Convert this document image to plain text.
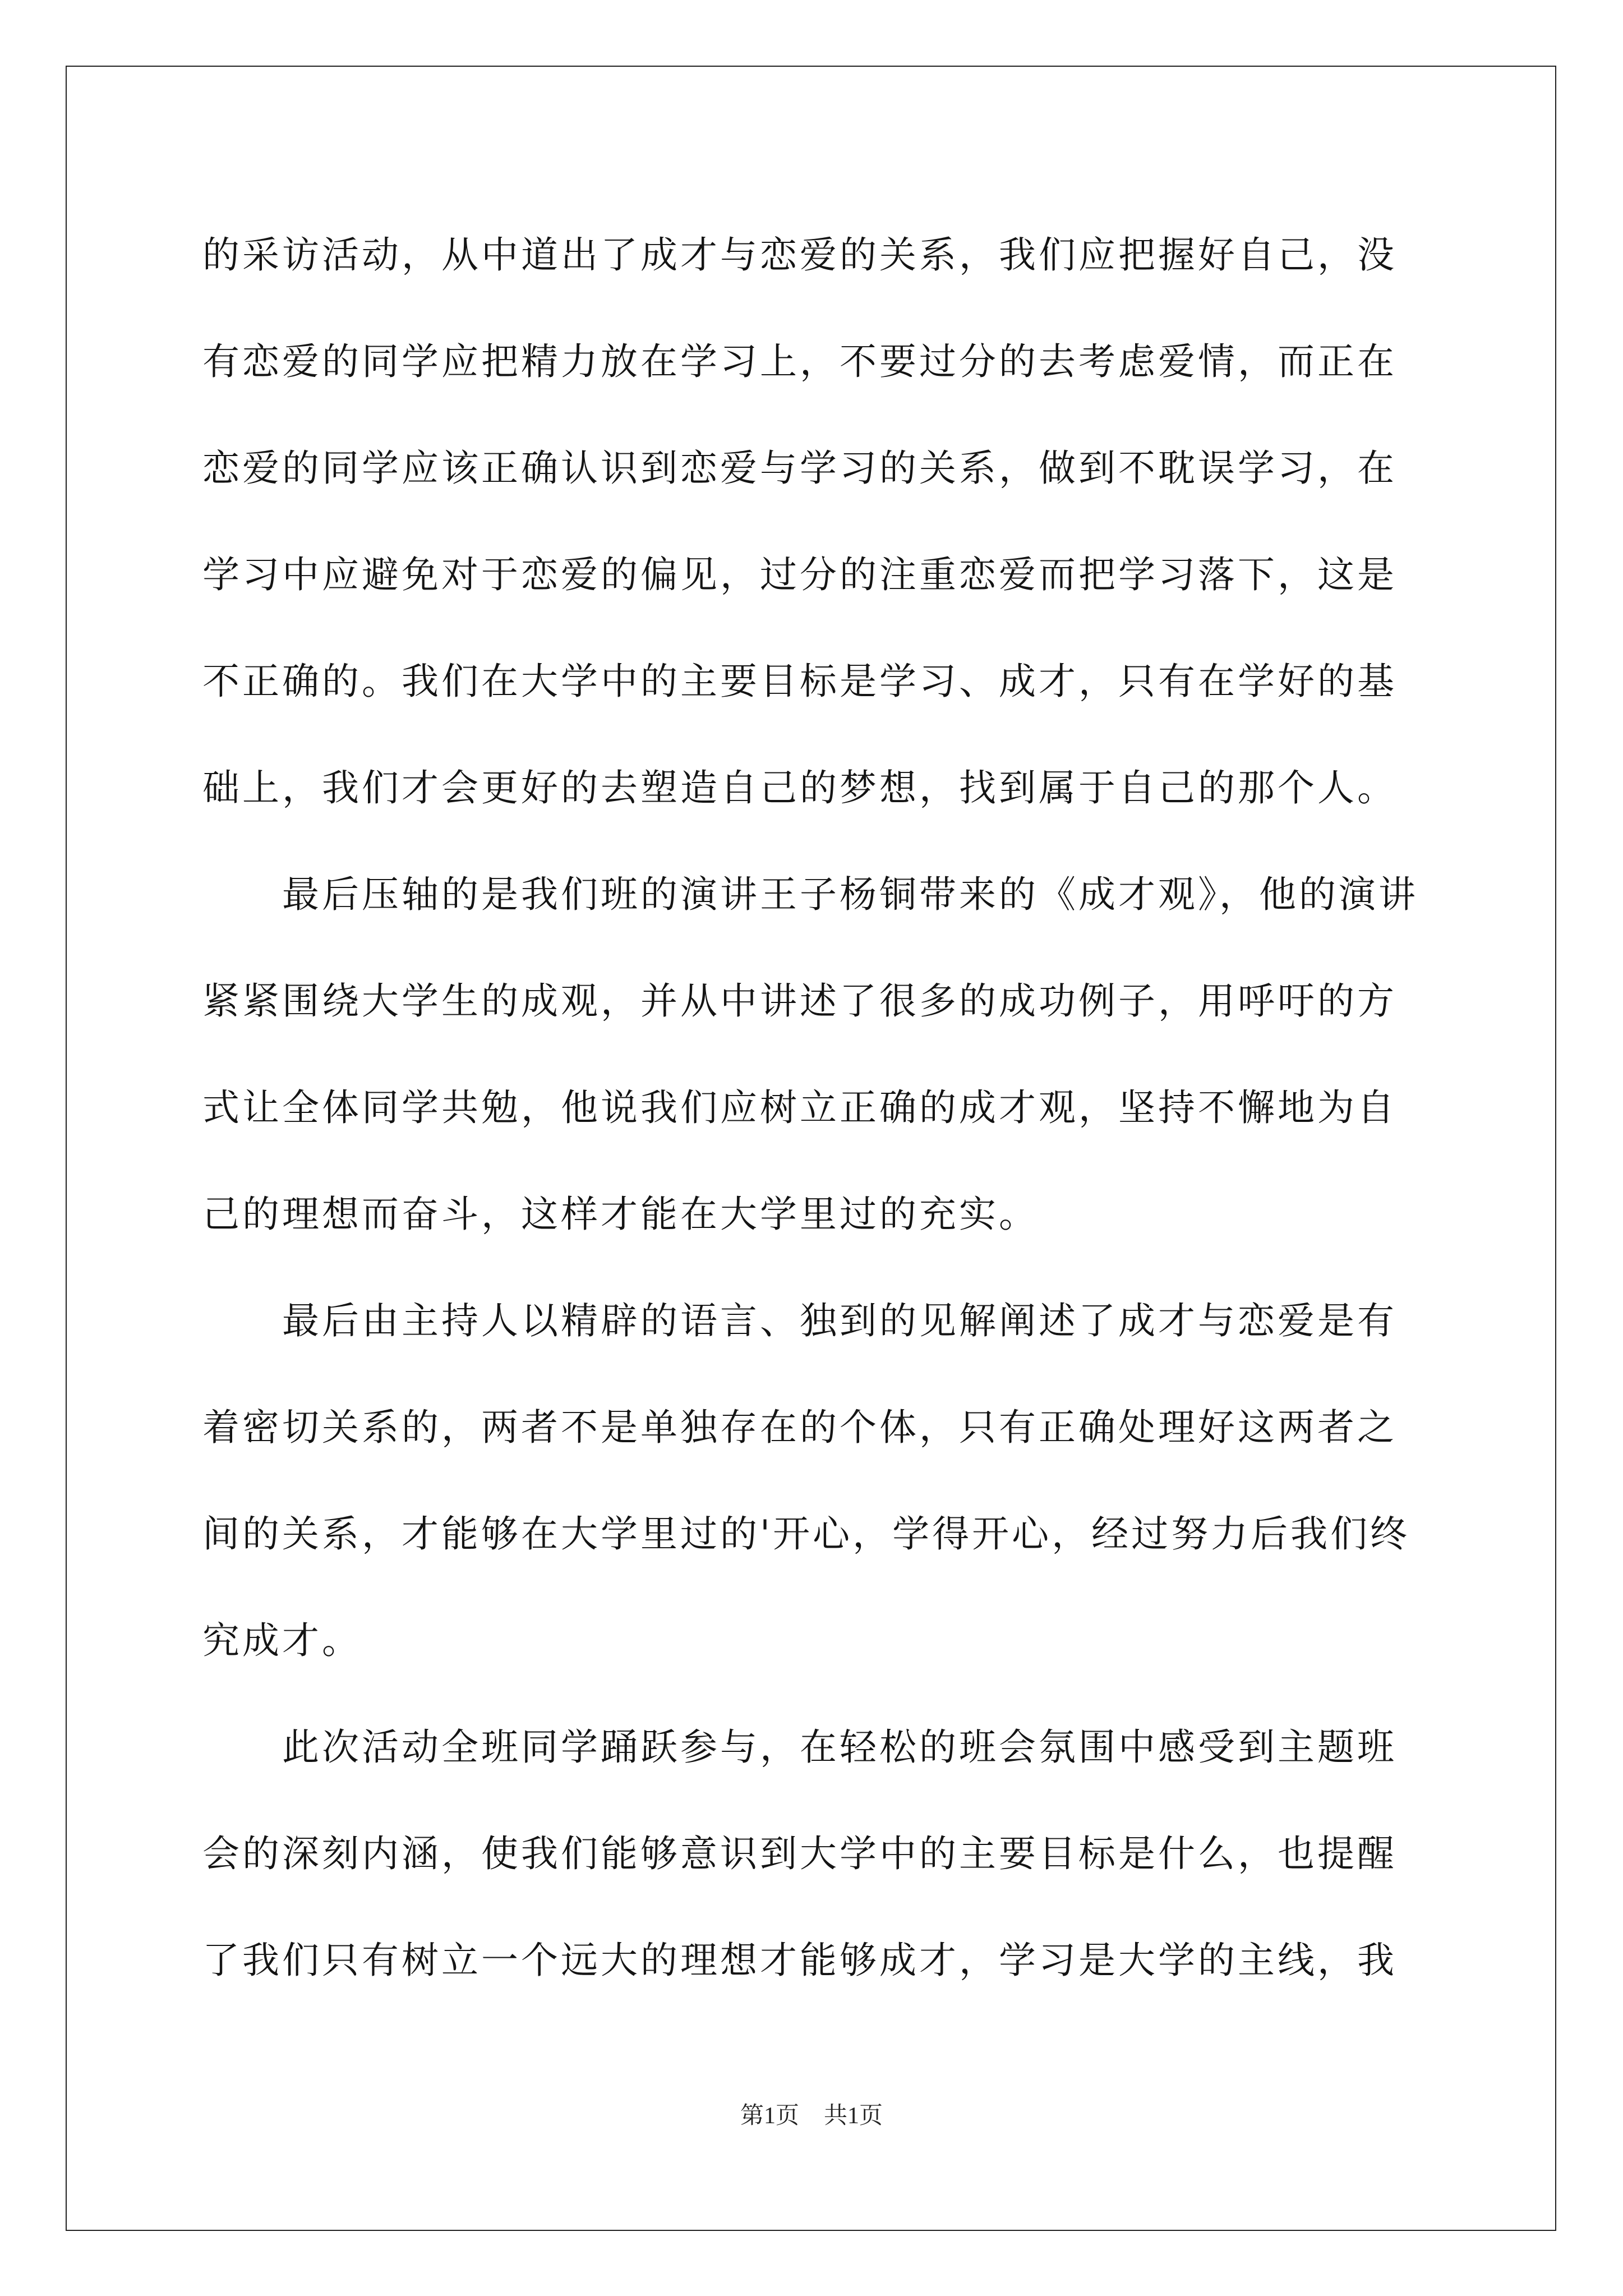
的采访活动，从中道出了成才与恋爱的关系，我们应把握好自己，没
有恋爱的同学应把精力放在学习上，不要过分的去考虑爱情，而正在
恋爱的同学应该正确认识到恋爱与学习的关系，做到不耽误学习，在
学习中应避免对于恋爱的偏见，过分的注重恋爱而把学习落下，这是
不正确的。我们在大学中的主要目标是学习、成才，只有在学好的基
础上，我们才会更好的去塑造自己的梦想，找到属于自己的那个人。
最后压轴的是我们班的演讲王子杨铜带来的《成才观》，他的演讲
紧紧围绕大学生的成观，并从中讲述了很多的成功例子，用呼吁的方
式让全体同学共勉，他说我们应树立正确的成才观，坚持不懈地为自
己的理想而奋斗，这样才能在大学里过的充实。
最后由主持人以精辟的语言、独到的见解阐述了成才与恋爱是有
着密切关系的，两者不是单独存在的个体，只有正确处理好这两者之
间的关系，才能够在大学里过的'开心，学得开心，经过努力后我们终
究成才。
此次活动全班同学踊跃参与，在轻松的班会氛围中感受到主题班
会的深刻内涵，使我们能够意识到大学中的主要目标是什么，也提醒
了我们只有树立一个远大的理想才能够成才，学习是大学的主线，我
第1页 共1页
